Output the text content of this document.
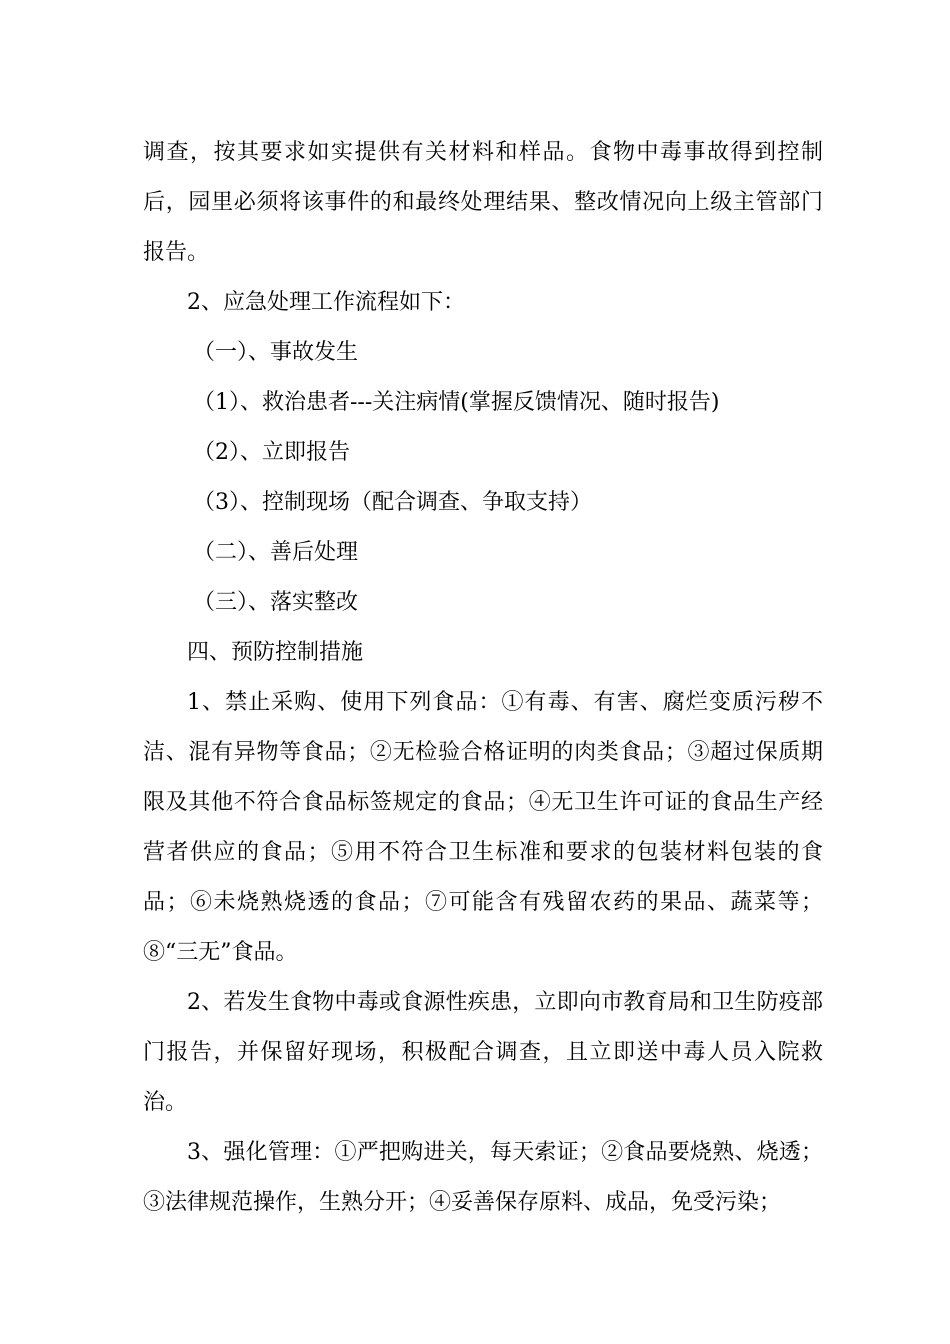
调查，按其要求如实提供有关材料和样品。食物中毒事故得到控制后，园里必须将该事件的和最终处理结果、整改情况向上级主管部门报告。

2、应急处理工作流程如下：

（一）、事故发生

（1）、救治患者---关注病情(掌握反馈情况、随时报告)

（2）、立即报告

（3）、控制现场（配合调查、争取支持）

（二）、善后处理

（三）、落实整改

四、预防控制措施

1、禁止采购、使用下列食品：①有毒、有害、腐烂变质污秽不洁、混有异物等食品；②无检验合格证明的肉类食品；③超过保质期限及其他不符合食品标签规定的食品；④无卫生许可证的食品生产经营者供应的食品；⑤用不符合卫生标准和要求的包装材料包装的食品；⑥未烧熟烧透的食品；⑦可能含有残留农药的果品、蔬菜等；⑧“三无”食品。

2、若发生食物中毒或食源性疾患，立即向市教育局和卫生防疫部门报告，并保留好现场，积极配合调查，且立即送中毒人员入院救治。

3、强化管理：①严把购进关，每天索证；②食品要烧熟、烧透；③法律规范操作，生熟分开；④妥善保存原料、成品，免受污染；
